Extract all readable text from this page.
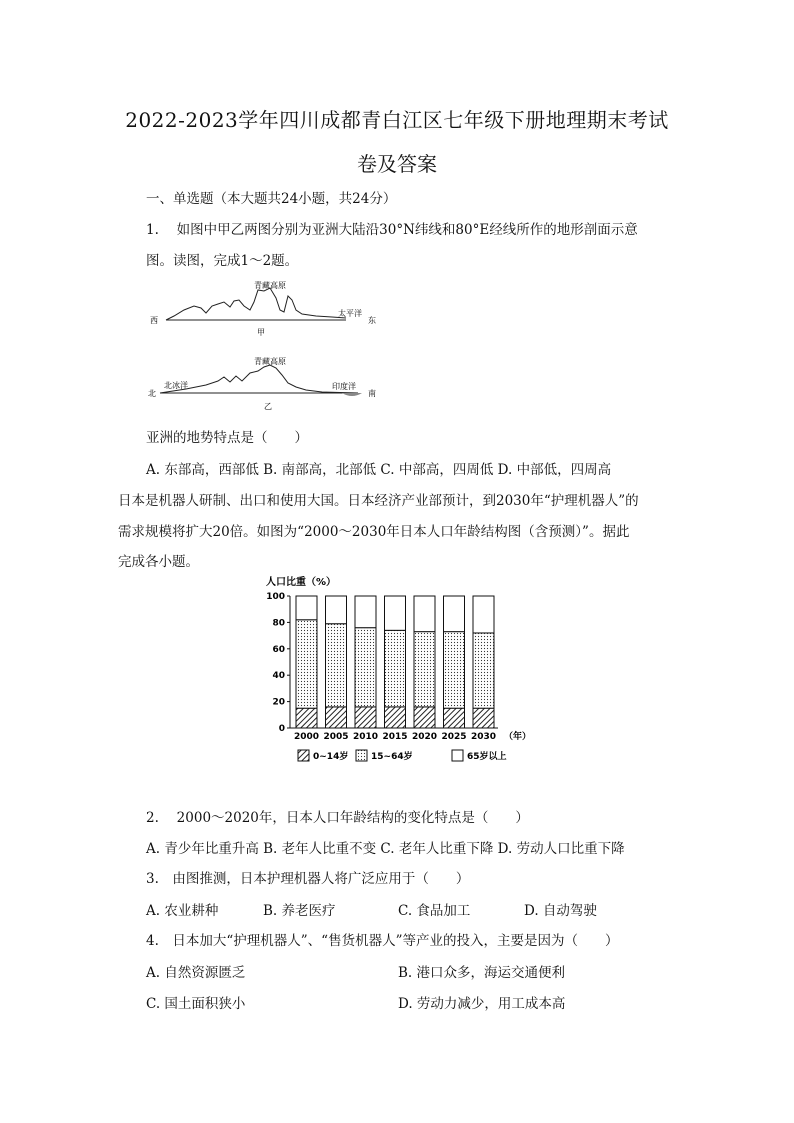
2022-2023学年四川成都青白江区七年级下册地理期末考试
卷及答案
一、单选题（本大题共24小题，共24分）
1.　 如图中甲乙两图分别为亚洲大陆沿30°N纬线和80°E经线所作的地形剖面示意
图。读图，完成1～2题。
青藏高原
西
太平洋
东
甲
青藏高原
北
北冰洋	印度洋
南
乙
亚洲的地势特点是（　　）
A. 东部高，西部低 B. 南部高，北部低 C. 中部高，四周低 D. 中部低，四周高
日本是机器人研制、出口和使用大国。日本经济产业部预计，到2030年“护理机器人”的
需求规模将扩大20倍。如图为“2000～2030年日本人口年龄结构图（含预测）”。据此
完成各小题。
人口比重（%）
0
20
40
60
80
100
2000 2005 2010 2015 2020 2025 2030 （年）
0~14岁	15~64岁	65岁以上
2.　 2000～2020年，日本人口年龄结构的变化特点是（　　）
A. 青少年比重升高 B. 老年人比重不变 C. 老年人比重下降 D. 劳动人口比重下降
3.　由图推测，日本护理机器人将广泛应用于（　　）
A. 农业耕种	B. 养老医疗	C. 食品加工	D. 自动驾驶
4.　日本加大“护理机器人”、“售货机器人”等产业的投入，主要是因为（　　）
A. 自然资源匮乏	B. 港口众多，海运交通便利
C. 国土面积狭小	D. 劳动力减少，用工成本高
